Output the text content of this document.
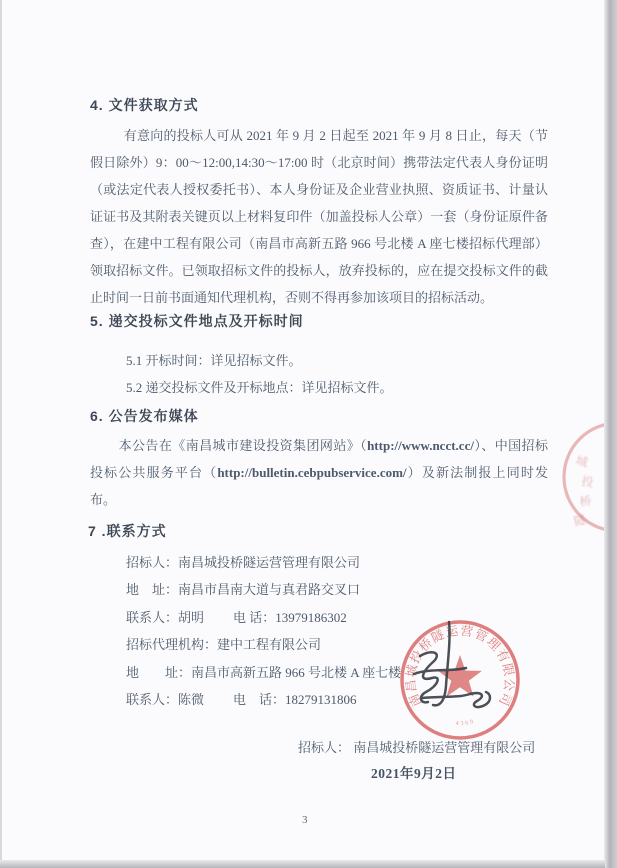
4. 文件获取方式
有意向的投标人可从 2021 年 9 月 2 日起至 2021 年 9 月 8 日止，每天（节假日除外）9：00～12:00,14:30～17:00 时（北京时间）携带法定代表人身份证明（或法定代表人授权委托书）、本人身份证及企业营业执照、资质证书、计量认证证书及其附表关键页以上材料复印件（加盖投标人公章）一套（身份证原件备查），在建中工程有限公司（南昌市高新五路 966 号北楼 A 座七楼招标代理部）领取招标文件。已领取招标文件的投标人，放弃投标的，应在提交投标文件的截止时间一日前书面通知代理机构，否则不得再参加该项目的招标活动。
5. 递交投标文件地点及开标时间
5.1 开标时间：详见招标文件。
5.2 递交投标文件及开标地点：详见招标文件。
6. 公告发布媒体
本公告在《南昌城市建设投资集团网站》（http://www.ncct.cc/）、中国招标投标公共服务平台（http://bulletin.cebpubservice.com/）及新法制报上同时发布。
7 .联系方式
招标人：南昌城投桥隧运营管理有限公司
地　址：南昌市昌南大道与真君路交叉口
联系人：胡明 电 话：13979186302
招标代理机构：建中工程有限公司
地　　址：南昌市高新五路 966 号北楼 A 座七楼
联系人：陈微 电　话：18279131806
招标人： 南昌城投桥隧运营管理有限公司
2021年9月2日
3
城
投
桥
隧
南昌城投桥隧运营管理有限公司
4369
